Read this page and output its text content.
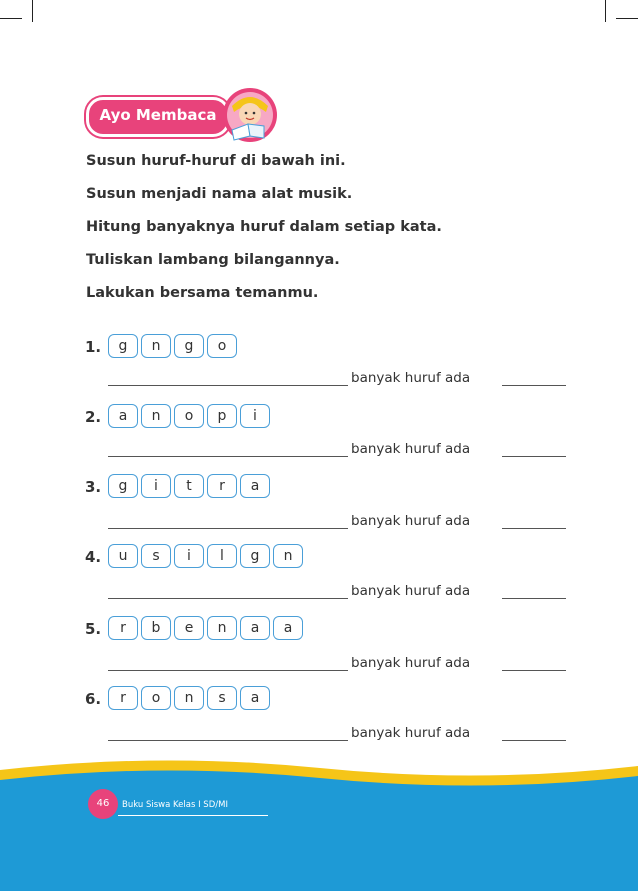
Ayo Membaca
Susun huruf-huruf di bawah ini.
Susun menjadi nama alat musik.
Hitung banyaknya huruf dalam setiap kata.
Tuliskan lambang bilangannya.
Lakukan bersama temanmu.
1.	g	n	g	o
banyak huruf ada
2.	a	n	o	p	i
banyak huruf ada
3.	g	i	t	r	a
banyak huruf ada
4.	u	s	i	l	g	n
banyak huruf ada
5.	r	b	e	n	a	a
banyak huruf ada
6.	r	o	n	s	a
banyak huruf ada
46	Buku Siswa Kelas I SD/MI
